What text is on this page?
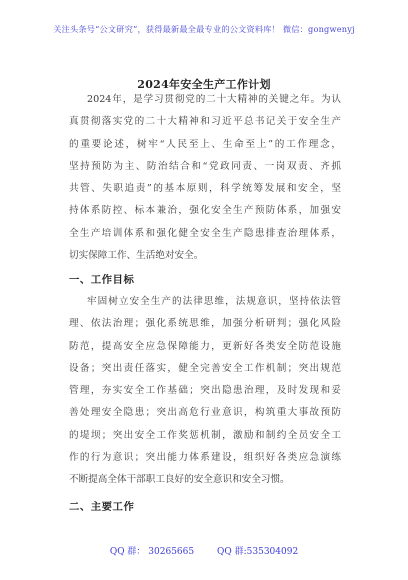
关注头条号“公文研究”，获得最新最全最专业的公文资料库！ 微信：gongwenyj
2024年安全生产工作计划
2024年，是学习贯彻党的二十大精神的关键之年。为认
真贯彻落实党的二十大精神和习近平总书记关于安全生产
的重要论述，树牢“人民至上、生命至上”的工作理念，
坚持预防为主、防治结合和“党政同责、一岗双责、齐抓
共管、失职追责”的基本原则，科学统筹发展和安全，坚
持体系防控、标本兼治，强化安全生产预防体系，加强安
全生产培训体系和强化健全安全生产隐患排查治理体系，
切实保障工作、生活绝对安全。
一、工作目标
牢固树立安全生产的法律思维，法规意识，坚持依法管
理、依法治理；强化系统思维，加强分析研判；强化风险
防范，提高安全应急保障能力，更新好各类安全防范设施
设备；突出责任落实，健全完善安全工作机制；突出规范
管理，夯实安全工作基础；突出隐患治理，及时发现和妥
善处理安全隐患；突出高危行业意识，构筑重大事故预防
的堤坝；突出安全工作奖惩机制，激励和制约全员安全工
作的行为意识；突出能力体系建设，组织好各类应急演练
不断提高全体干部职工良好的安全意识和安全习惯。
二、主要工作
QQ 群： 30265665	QQ 群:535304092
